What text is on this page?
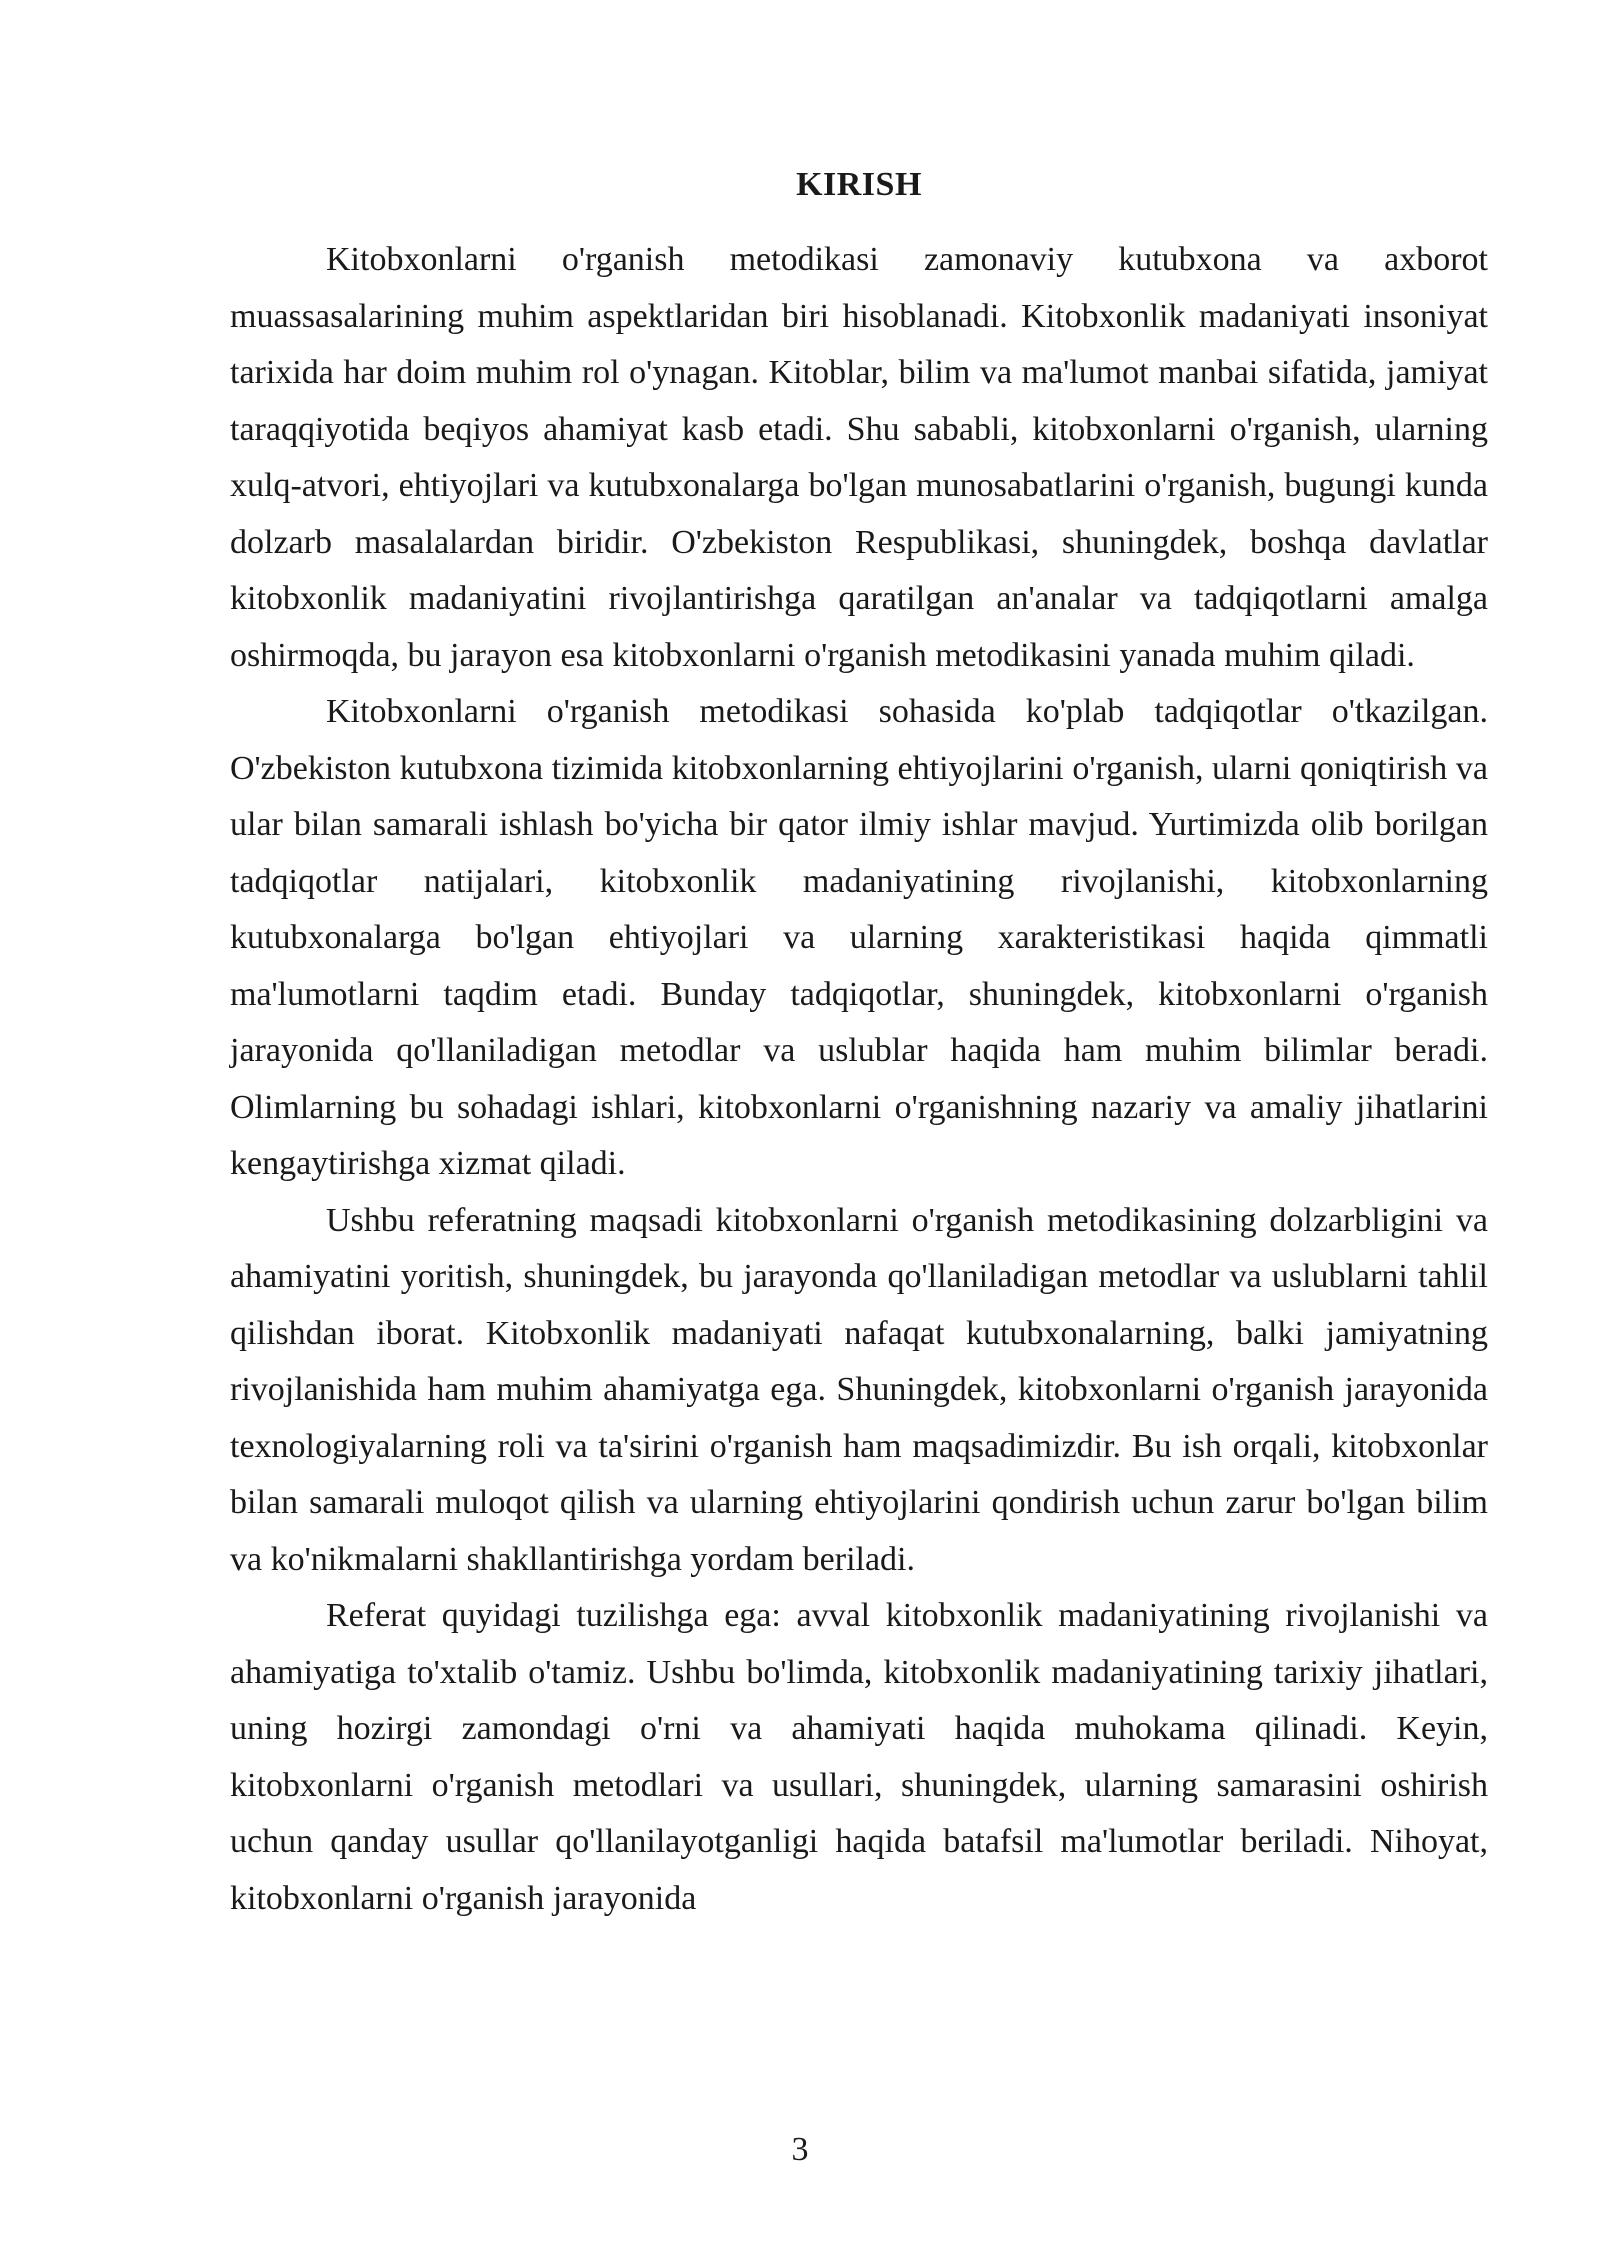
KIRISH

Kitobxonlarni o'rganish metodikasi zamonaviy kutubxona va axborot muassasalarining muhim aspektlaridan biri hisoblanadi. Kitobxonlik madaniyati insoniyat tarixida har doim muhim rol o'ynagan. Kitoblar, bilim va ma'lumot manbai sifatida, jamiyat taraqqiyotida beqiyos ahamiyat kasb etadi. Shu sababli, kitobxonlarni o'rganish, ularning xulq-atvori, ehtiyojlari va kutubxonalarga bo'lgan munosabatlarini o'rganish, bugungi kunda dolzarb masalalardan biridir. O'zbekiston Respublikasi, shuningdek, boshqa davlatlar kitobxonlik madaniyatini rivojlantirishga qaratilgan an'analar va tadqiqotlarni amalga oshirmoqda, bu jarayon esa kitobxonlarni o'rganish metodikasini yanada muhim qiladi.

Kitobxonlarni o'rganish metodikasi sohasida ko'plab tadqiqotlar o'tkazilgan. O'zbekiston kutubxona tizimida kitobxonlarning ehtiyojlarini o'rganish, ularni qoniqtirish va ular bilan samarali ishlash bo'yicha bir qator ilmiy ishlar mavjud. Yurtimizda olib borilgan tadqiqotlar natijalari, kitobxonlik madaniyatining rivojlanishi, kitobxonlarning kutubxonalarga bo'lgan ehtiyojlari va ularning xarakteristikasi haqida qimmatli ma'lumotlarni taqdim etadi. Bunday tadqiqotlar, shuningdek, kitobxonlarni o'rganish jarayonida qo'llaniladigan metodlar va uslublar haqida ham muhim bilimlar beradi. Olimlarning bu sohadagi ishlari, kitobxonlarni o'rganishning nazariy va amaliy jihatlarini kengaytirishga xizmat qiladi.

Ushbu referatning maqsadi kitobxonlarni o'rganish metodikasining dolzarbligini va ahamiyatini yoritish, shuningdek, bu jarayonda qo'llaniladigan metodlar va uslublarni tahlil qilishdan iborat. Kitobxonlik madaniyati nafaqat kutubxonalarning, balki jamiyatning rivojlanishida ham muhim ahamiyatga ega. Shuningdek, kitobxonlarni o'rganish jarayonida texnologiyalarning roli va ta'sirini o'rganish ham maqsadimizdir. Bu ish orqali, kitobxonlar bilan samarali muloqot qilish va ularning ehtiyojlarini qondirish uchun zarur bo'lgan bilim va ko'nikmalarni shakllantirishga yordam beriladi.

Referat quyidagi tuzilishga ega: avval kitobxonlik madaniyatining rivojlanishi va ahamiyatiga to'xtalib o'tamiz. Ushbu bo'limda, kitobxonlik madaniyatining tarixiy jihatlari, uning hozirgi zamondagi o'rni va ahamiyati haqida muhokama qilinadi. Keyin, kitobxonlarni o'rganish metodlari va usullari, shuningdek, ularning samarasini oshirish uchun qanday usullar qo'llanilayotganligi haqida batafsil ma'lumotlar beriladi. Nihoyat, kitobxonlarni o'rganish jarayonida

3
